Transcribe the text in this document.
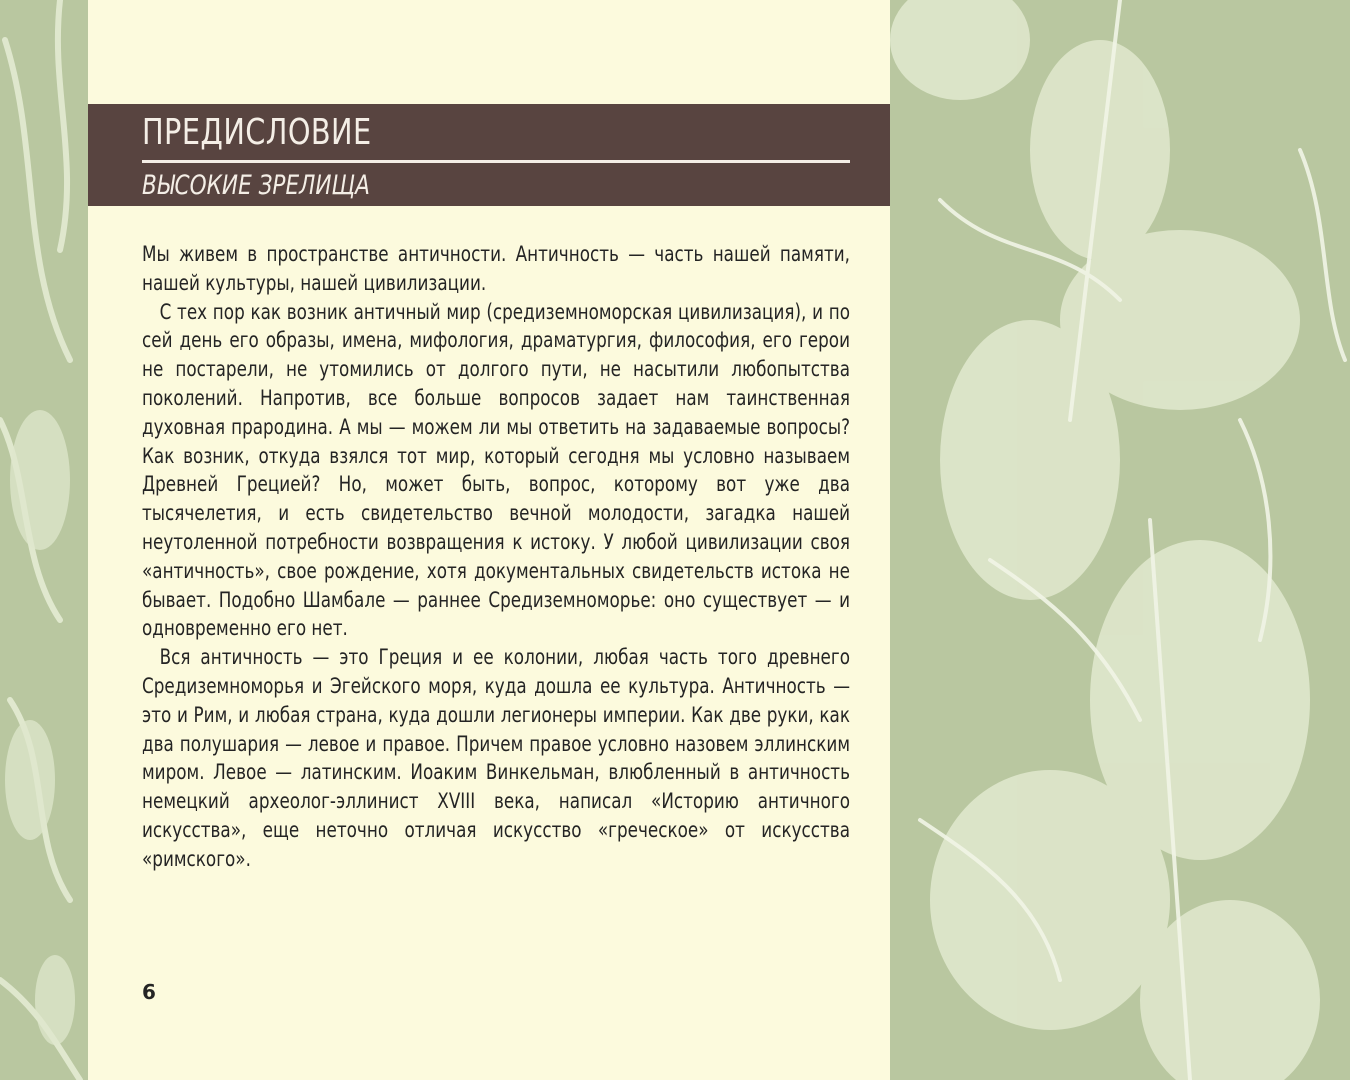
ПРЕДИСЛОВИЕ
ВЫСОКИЕ ЗРЕЛИЩА

Мы живем в пространстве античности. Античность — часть нашей памяти, нашей культуры, нашей цивилизации.

С тех пор как возник античный мир (средиземноморская цивилизация), и по сей день его образы, имена, мифология, драматургия, философия, его герои не постарели, не утомились от долгого пути, не насытили любопытства поколений. Напротив, все больше вопросов задает нам таинственная духовная прародина. А мы — можем ли мы ответить на задаваемые вопросы? Как возник, откуда взялся тот мир, который сегодня мы условно называем Древней Грецией? Но, может быть, вопрос, которому вот уже два тысячелетия, и есть свидетельство вечной молодости, загадка нашей неутоленной потребности возвращения к истоку. У любой цивилизации своя «античность», свое рождение, хотя документальных свидетельств истока не бывает. Подобно Шамбале — раннее Средиземноморье: оно существует — и одновременно его нет.

Вся античность — это Греция и ее колонии, любая часть того древнего Средиземноморья и Эгейского моря, куда дошла ее культура. Античность — это и Рим, и любая страна, куда дошли легионеры империи. Как две руки, как два полушария — левое и правое. Причем правое условно назовем эллинским миром. Левое — латинским. Иоаким Винкельман, влюбленный в античность немецкий археолог-эллинист XVIII века, написал «Историю античного искусства», еще неточно отличая искусство «греческое» от искусства «римского».

6
